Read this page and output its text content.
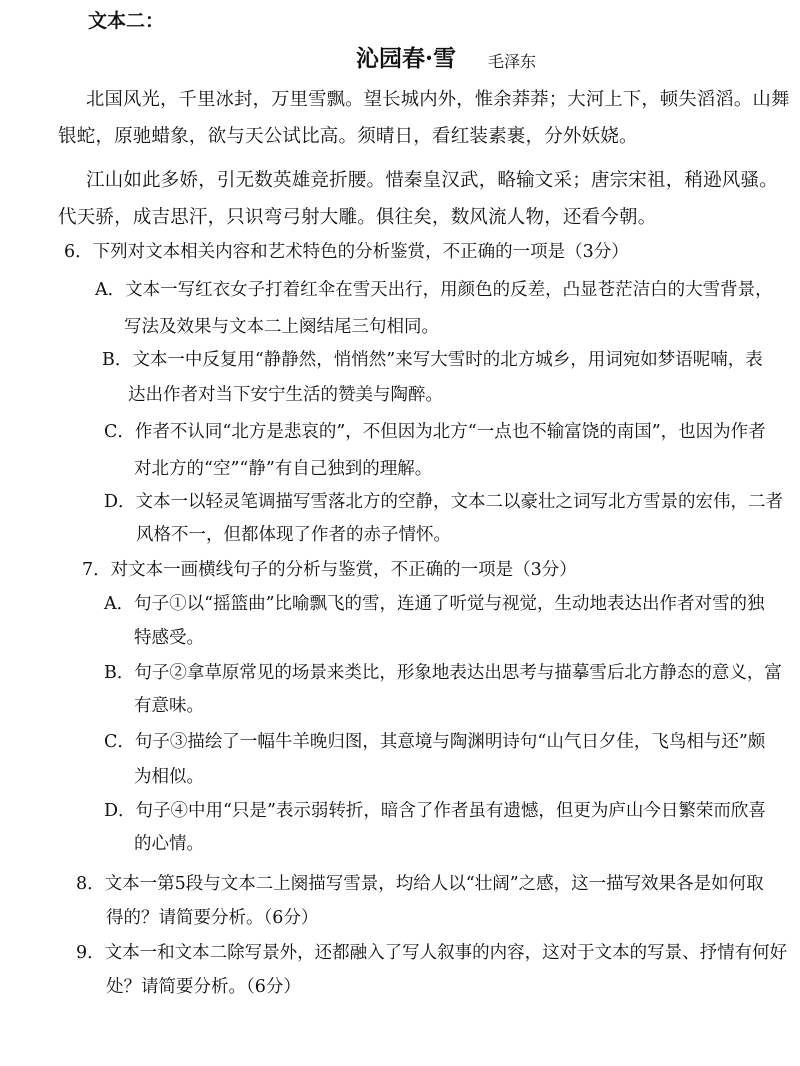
文本二：
沁园春·雪 毛泽东
北国风光，千里冰封，万里雪飘。望长城内外，惟余莽莽；大河上下，顿失滔滔。山舞
银蛇，原驰蜡象，欲与天公试比高。须晴日，看红装素裹，分外妖娆。
江山如此多娇，引无数英雄竞折腰。惜秦皇汉武，略输文采；唐宗宋祖，稍逊风骚。
代天骄，成吉思汗，只识弯弓射大雕。俱往矣，数风流人物，还看今朝。
6．下列对文本相关内容和艺术特色的分析鉴赏，不正确的一项是（3分）
A．文本一写红衣女子打着红伞在雪天出行，用颜色的反差，凸显苍茫洁白的大雪背景，
写法及效果与文本二上阕结尾三句相同。
B．文本一中反复用“静静然，悄悄然”来写大雪时的北方城乡，用词宛如梦语呢喃，表
达出作者对当下安宁生活的赞美与陶醉。
C．作者不认同“北方是悲哀的”，不但因为北方“一点也不输富饶的南国”，也因为作者
对北方的“空”“静”有自己独到的理解。
D．文本一以轻灵笔调描写雪落北方的空静，文本二以豪壮之词写北方雪景的宏伟，二者
风格不一，但都体现了作者的赤子情怀。
7．对文本一画横线句子的分析与鉴赏，不正确的一项是（3分）
A．句子①以“摇篮曲”比喻飘飞的雪，连通了听觉与视觉，生动地表达出作者对雪的独
特感受。
B．句子②拿草原常见的场景来类比，形象地表达出思考与描摹雪后北方静态的意义，富
有意味。
C．句子③描绘了一幅牛羊晚归图，其意境与陶渊明诗句“山气日夕佳，飞鸟相与还”颇
为相似。
D．句子④中用“只是”表示弱转折，暗含了作者虽有遗憾，但更为庐山今日繁荣而欣喜
的心情。
8．文本一第5段与文本二上阕描写雪景，均给人以“壮阔”之感，这一描写效果各是如何取
得的？请简要分析。（6分）
9．文本一和文本二除写景外，还都融入了写人叙事的内容，这对于文本的写景、抒情有何好
处？请简要分析。（6分）
